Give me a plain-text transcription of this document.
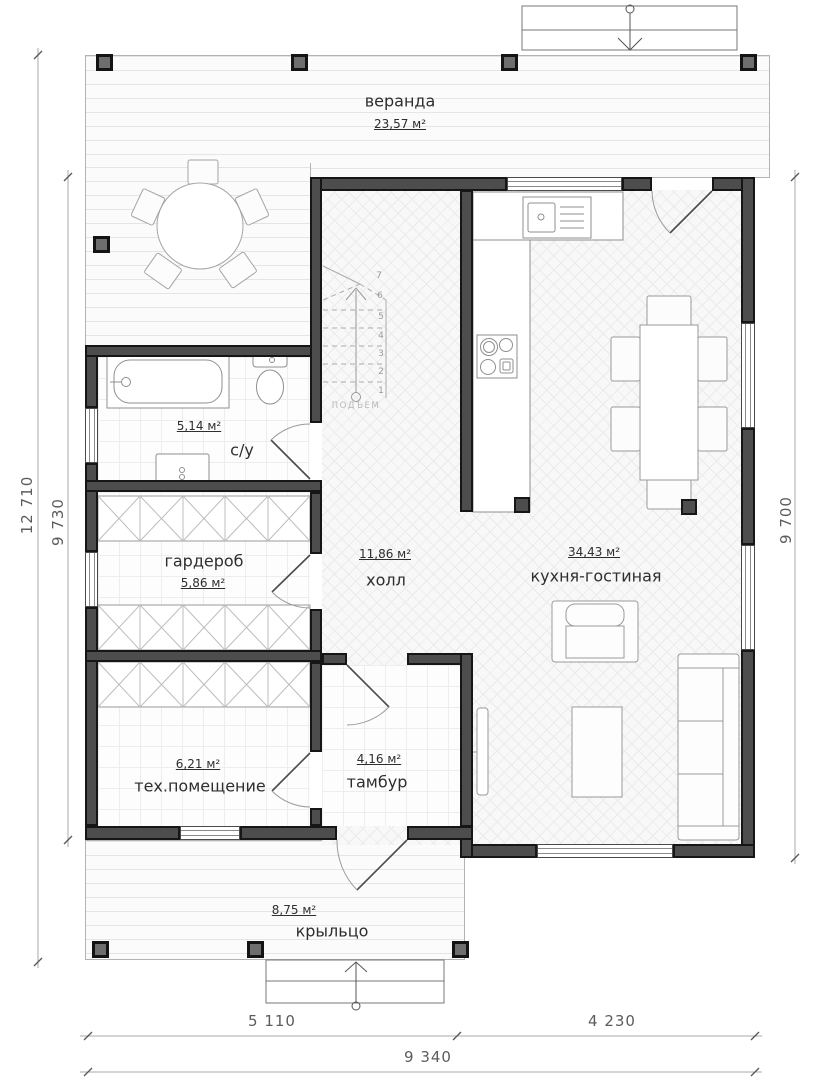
веранда
23,57 м²
5,14 м²
с/у
гардероб
5,86 м²
11,86 м²
холл
34,43 м²
кухня-гостиная
6,21 м²
тех.помещение
4,16 м²
тамбур
8,75 м²
крыльцо
1
2
3
4
5
6
7
ПОДЪЕМ
12 710 9 730	9 700
5 110	4 230
9 340
